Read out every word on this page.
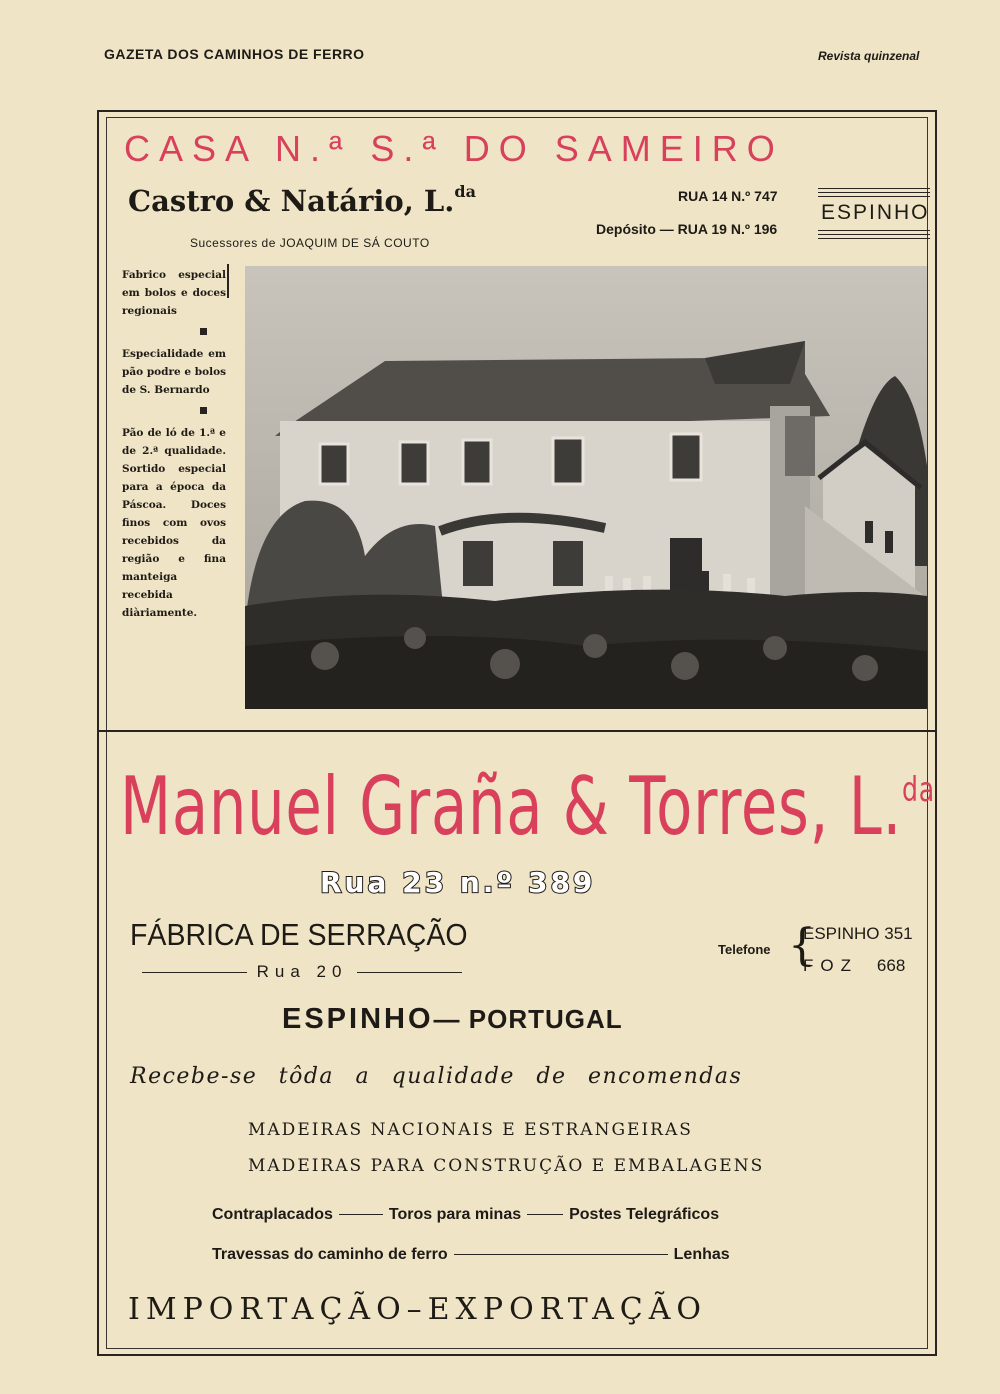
GAZETA DOS CAMINHOS DE FERRO	Revista quinzenal
CASA N.ª S.ª DO SAMEIRO
Castro & Natário, L.$^{da}$
Sucessores de JOAQUIM DE SÁ COUTO
RUA 14 N.º 747
Depósito — RUA 19 N.º 196
ESPINHO

Fabrico especial em bolos e doces regionais

Especialidade em pão podre e bolos de S. Bernardo

Pão de ló de 1.ª e de 2.ª qualidade. Sortido especial para a época da Páscoa. Doces finos com ovos recebidos da região e fina manteiga recebida diàriamente.

Manuel Graña & Torres, L.$^{da}$
Rua 23 n.º 389
FÁBRICA DE SERRAÇÃO
Rua 20
Telefone {
ESPINHO 351
FOZ 668
ESPINHO— PORTUGAL
Recebe-se tôda a qualidade de encomendas
MADEIRAS NACIONAIS E ESTRANGEIRAS
MADEIRAS PARA CONSTRUÇÃO E EMBALAGENS
Contraplacados	Toros para minas	Postes Telegráficos
Travessas do caminho de ferro	Lenhas
IMPORTAÇÃO–EXPORTAÇÃO
